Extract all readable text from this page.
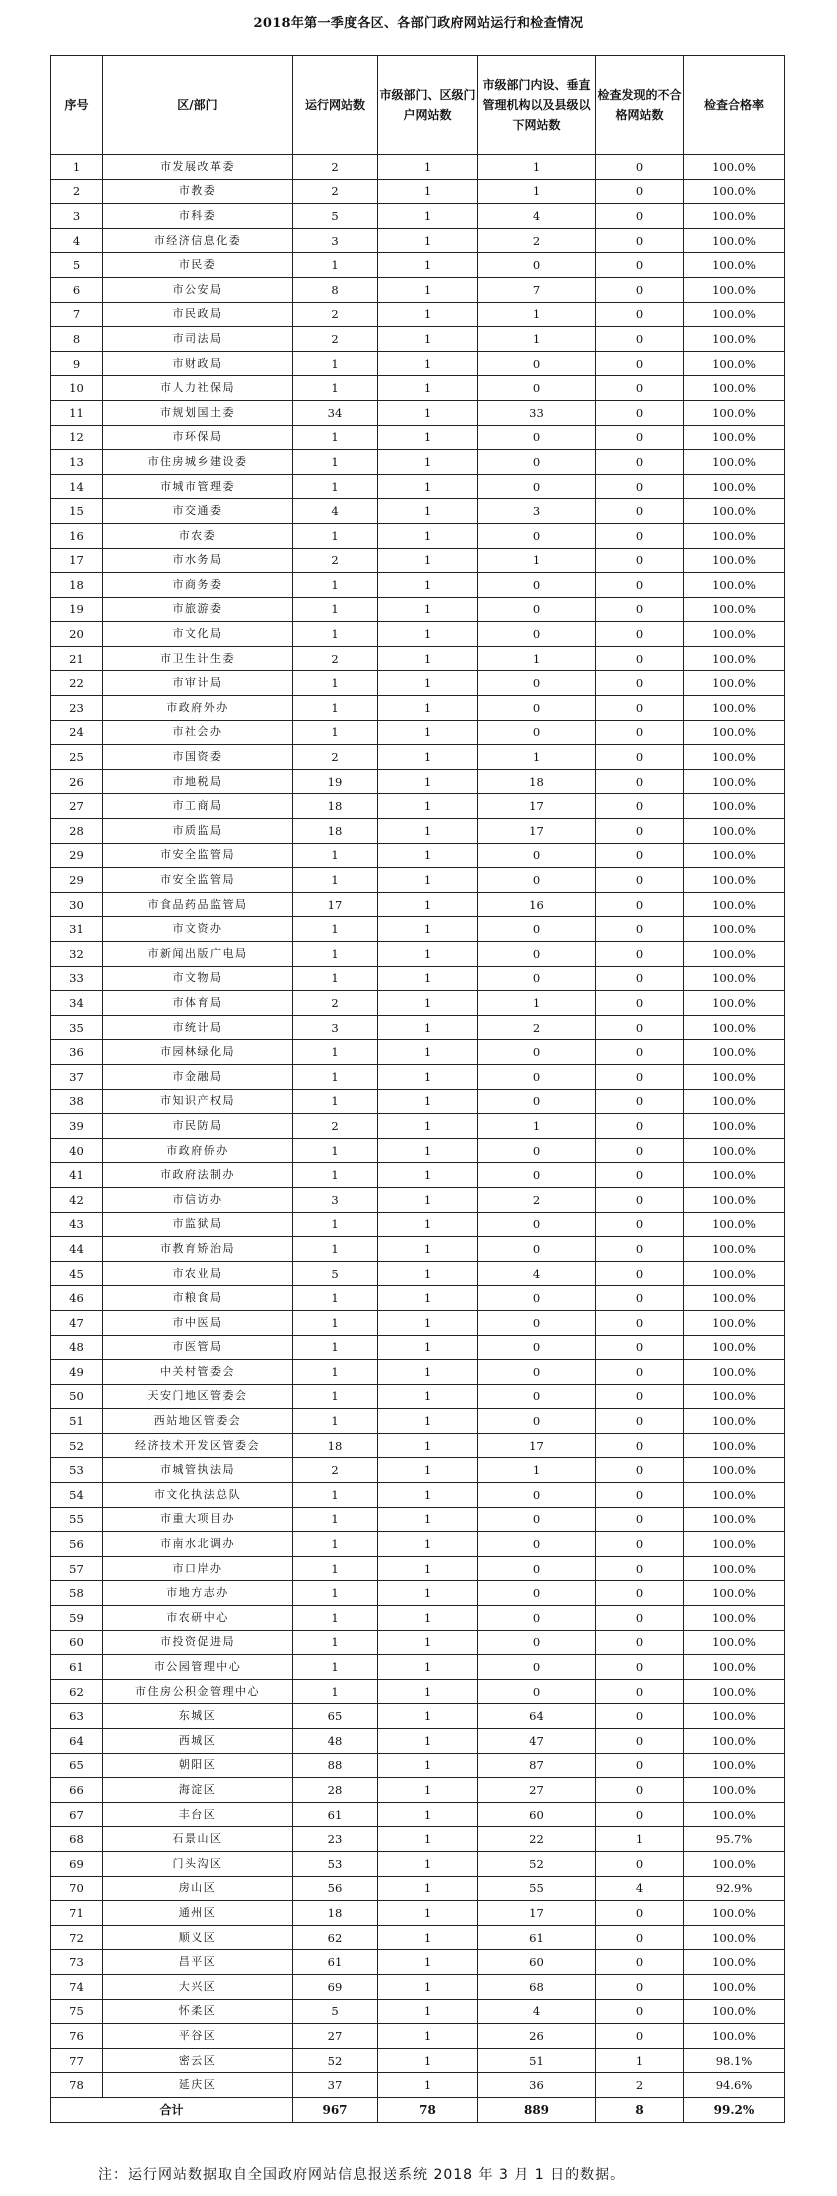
2018年第一季度各区、各部门政府网站运行和检查情况
序号	区/部门	运行网站数	市级部门、区级门户网站数	市级部门内设、垂直管理机构以及县级以下网站数	检查发现的不合格网站数	检查合格率
1	市发展改革委	2	1	1	0	100.0%
2	市教委	2	1	1	0	100.0%
3	市科委	5	1	4	0	100.0%
4	市经济信息化委	3	1	2	0	100.0%
5	市民委	1	1	0	0	100.0%
6	市公安局	8	1	7	0	100.0%
7	市民政局	2	1	1	0	100.0%
8	市司法局	2	1	1	0	100.0%
9	市财政局	1	1	0	0	100.0%
10	市人力社保局	1	1	0	0	100.0%
11	市规划国土委	34	1	33	0	100.0%
12	市环保局	1	1	0	0	100.0%
13	市住房城乡建设委	1	1	0	0	100.0%
14	市城市管理委	1	1	0	0	100.0%
15	市交通委	4	1	3	0	100.0%
16	市农委	1	1	0	0	100.0%
17	市水务局	2	1	1	0	100.0%
18	市商务委	1	1	0	0	100.0%
19	市旅游委	1	1	0	0	100.0%
20	市文化局	1	1	0	0	100.0%
21	市卫生计生委	2	1	1	0	100.0%
22	市审计局	1	1	0	0	100.0%
23	市政府外办	1	1	0	0	100.0%
24	市社会办	1	1	0	0	100.0%
25	市国资委	2	1	1	0	100.0%
26	市地税局	19	1	18	0	100.0%
27	市工商局	18	1	17	0	100.0%
28	市质监局	18	1	17	0	100.0%
29	市安全监管局	1	1	0	0	100.0%
29	市安全监管局	1	1	0	0	100.0%
30	市食品药品监管局	17	1	16	0	100.0%
31	市文资办	1	1	0	0	100.0%
32	市新闻出版广电局	1	1	0	0	100.0%
33	市文物局	1	1	0	0	100.0%
34	市体育局	2	1	1	0	100.0%
35	市统计局	3	1	2	0	100.0%
36	市园林绿化局	1	1	0	0	100.0%
37	市金融局	1	1	0	0	100.0%
38	市知识产权局	1	1	0	0	100.0%
39	市民防局	2	1	1	0	100.0%
40	市政府侨办	1	1	0	0	100.0%
41	市政府法制办	1	1	0	0	100.0%
42	市信访办	3	1	2	0	100.0%
43	市监狱局	1	1	0	0	100.0%
44	市教育矫治局	1	1	0	0	100.0%
45	市农业局	5	1	4	0	100.0%
46	市粮食局	1	1	0	0	100.0%
47	市中医局	1	1	0	0	100.0%
48	市医管局	1	1	0	0	100.0%
49	中关村管委会	1	1	0	0	100.0%
50	天安门地区管委会	1	1	0	0	100.0%
51	西站地区管委会	1	1	0	0	100.0%
52	经济技术开发区管委会	18	1	17	0	100.0%
53	市城管执法局	2	1	1	0	100.0%
54	市文化执法总队	1	1	0	0	100.0%
55	市重大项目办	1	1	0	0	100.0%
56	市南水北调办	1	1	0	0	100.0%
57	市口岸办	1	1	0	0	100.0%
58	市地方志办	1	1	0	0	100.0%
59	市农研中心	1	1	0	0	100.0%
60	市投资促进局	1	1	0	0	100.0%
61	市公园管理中心	1	1	0	0	100.0%
62	市住房公积金管理中心	1	1	0	0	100.0%
63	东城区	65	1	64	0	100.0%
64	西城区	48	1	47	0	100.0%
65	朝阳区	88	1	87	0	100.0%
66	海淀区	28	1	27	0	100.0%
67	丰台区	61	1	60	0	100.0%
68	石景山区	23	1	22	1	95.7%
69	门头沟区	53	1	52	0	100.0%
70	房山区	56	1	55	4	92.9%
71	通州区	18	1	17	0	100.0%
72	顺义区	62	1	61	0	100.0%
73	昌平区	61	1	60	0	100.0%
74	大兴区	69	1	68	0	100.0%
75	怀柔区	5	1	4	0	100.0%
76	平谷区	27	1	26	0	100.0%
77	密云区	52	1	51	1	98.1%
78	延庆区	37	1	36	2	94.6%
合计		967	78	889	8	99.2%
注：运行网站数据取自全国政府网站信息报送系统 2018 年 3 月 1 日的数据。
